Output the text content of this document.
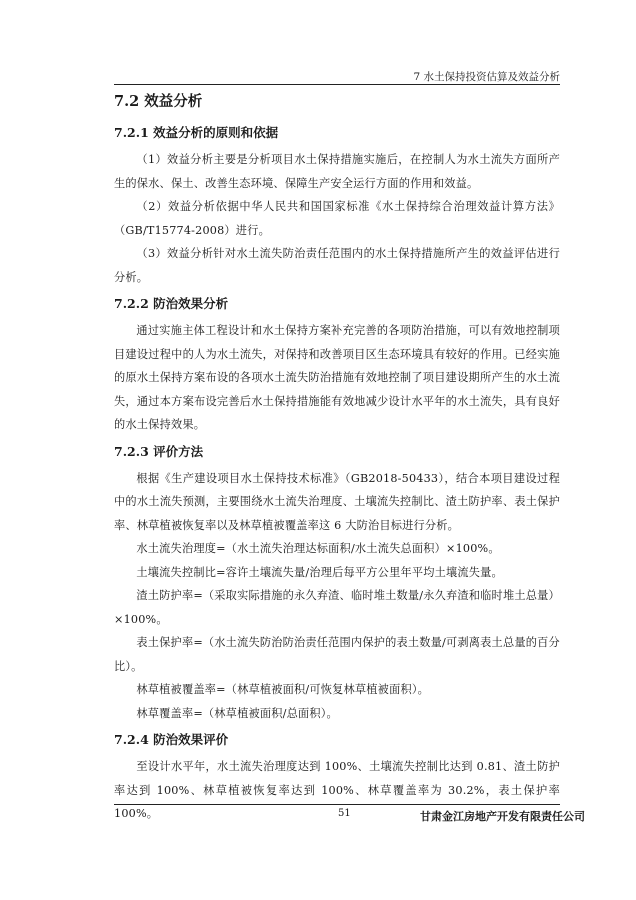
7 水土保持投资估算及效益分析
7.2 效益分析
7.2.1 效益分析的原则和依据

（1）效益分析主要是分析项目水土保持措施实施后，在控制人为水土流失方面所产生的保水、保土、改善生态环境、保障生产安全运行方面的作用和效益。

（2）效益分析依据中华人民共和国国家标准《水土保持综合治理效益计算方法》（GB/T15774-2008）进行。

（3）效益分析针对水土流失防治责任范围内的水土保持措施所产生的效益评估进行分析。

7.2.2 防治效果分析

通过实施主体工程设计和水土保持方案补充完善的各项防治措施，可以有效地控制项目建设过程中的人为水土流失，对保持和改善项目区生态环境具有较好的作用。已经实施的原水土保持方案布设的各项水土流失防治措施有效地控制了项目建设期所产生的水土流失，通过本方案布设完善后水土保持措施能有效地减少设计水平年的水土流失，具有良好的水土保持效果。

7.2.3 评价方法

根据《生产建设项目水土保持技术标准》（GB2018-50433），结合本项目建设过程中的水土流失预测，主要围绕水土流失治理度、土壤流失控制比、渣土防护率、表土保护率、林草植被恢复率以及林草植被覆盖率这 6 大防治目标进行分析。

水土流失治理度=（水土流失治理达标面积/水土流失总面积）×100%。

土壤流失控制比=容许土壤流失量/治理后每平方公里年平均土壤流失量。

渣土防护率=（采取实际措施的永久弃渣、临时堆土数量/永久弃渣和临时堆土总量）×100%。

表土保护率=（水土流失防治防治责任范围内保护的表土数量/可剥离表土总量的百分比）。

林草植被覆盖率=（林草植被面积/可恢复林草植被面积）。

林草覆盖率=（林草植被面积/总面积）。

7.2.4 防治效果评价

至设计水平年，水土流失治理度达到 100%、土壤流失控制比达到 0.81、渣土防护率达到 100%、林草植被恢复率达到 100%、林草覆盖率为 30.2%，表土保护率 100%。	51	甘肃金江房地产开发有限责任公司
